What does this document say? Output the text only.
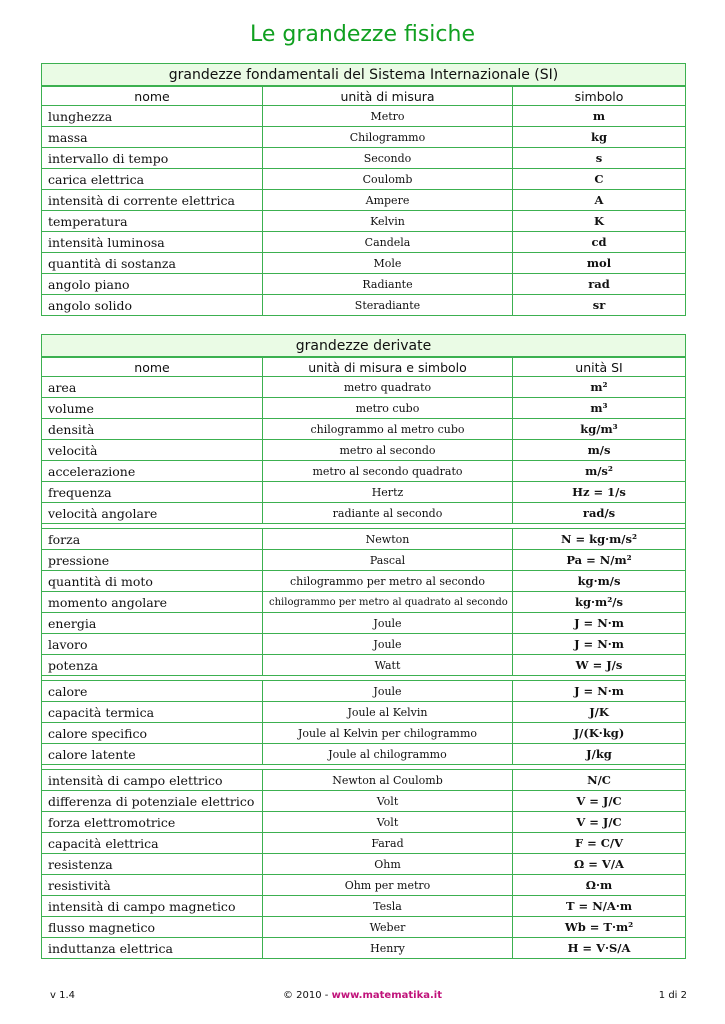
Le grandezze fisiche
grandezze fondamentali del Sistema Internazionale (SI)		
nome	unità di misura	simbolo
lunghezza	Metro	m
massa	Chilogrammo	kg
intervallo di tempo	Secondo	s
carica elettrica	Coulomb	C
intensità di corrente elettrica	Ampere	A
temperatura	Kelvin	K
intensità luminosa	Candela	cd
quantità di sostanza	Mole	mol
angolo piano	Radiante	rad
angolo solido	Steradiante	sr
grandezze derivate		
nome	unità di misura e simbolo	unità SI
area	metro quadrato	m²
volume	metro cubo	m³
densità	chilogrammo al metro cubo	kg/m³
velocità	metro al secondo	m/s
accelerazione	metro al secondo quadrato	m/s²
frequenza	Hertz	Hz = 1/s
velocità angolare	radiante al secondo	rad/s

forza	Newton	N = kg·m/s²
pressione	Pascal	Pa = N/m²
quantità di moto	chilogrammo per metro al secondo	kg·m/s
momento angolare	chilogrammo per metro al quadrato al secondo	kg·m²/s
energia	Joule	J = N·m
lavoro	Joule	J = N·m
potenza	Watt	W = J/s

calore	Joule	J = N·m
capacità termica	Joule al Kelvin	J/K
calore specifico	Joule al Kelvin per chilogrammo	J/(K·kg)
calore latente	Joule al chilogrammo	J/kg

intensità di campo elettrico	Newton al Coulomb	N/C
differenza di potenziale elettrico	Volt	V = J/C
forza elettromotrice	Volt	V = J/C
capacità elettrica	Farad	F = C/V
resistenza	Ohm	Ω = V/A
resistività	Ohm per metro	Ω·m
intensità di campo magnetico	Tesla	T = N/A·m
flusso magnetico	Weber	Wb = T·m²
induttanza elettrica	Henry	H = V·S/A
v 1.4	© 2010 - www.matematika.it	1 di 2
